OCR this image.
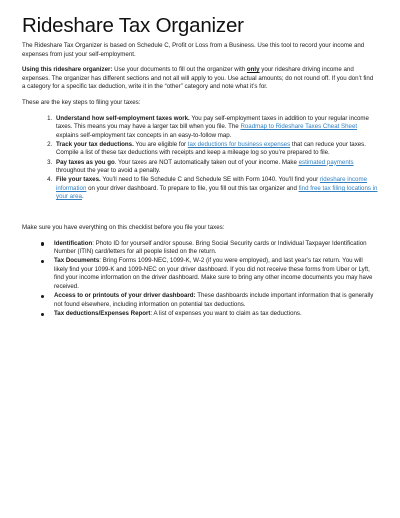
Rideshare Tax Organizer

The Rideshare Tax Organizer is based on Schedule C, Profit or Loss from a Business. Use this tool to record your income and expenses from just your self-employment.

Using this rideshare organizer: Use your documents to fill out the organizer with only your rideshare driving income and expenses. The organizer has different sections and not all will apply to you. Use actual amounts; do not round off. If you don’t find a category for a specific tax deduction, write it in the “other” category and note what it’s for.

These are the key steps to filing your taxes:

1. Understand how self-employment taxes work. You pay self-employment taxes in addition to your regular income taxes. This means you may have a larger tax bill when you file. The Roadmap to Rideshare Taxes Cheat Sheet explains self-employment tax concepts in an easy-to-follow map.
2. Track your tax deductions. You are eligible for tax deductions for business expenses that can reduce your taxes. Compile a list of these tax deductions with receipts and keep a mileage log so you’re prepared to file.
3. Pay taxes as you go. Your taxes are NOT automatically taken out of your income. Make estimated payments throughout the year to avoid a penalty.
4. File your taxes. You’ll need to file Schedule C and Schedule SE with Form 1040. You’ll find your rideshare income information on your driver dashboard. To prepare to file, you fill out this tax organizer and find free tax filing locations in your area.

Make sure you have everything on this checklist before you file your taxes:

Identification: Photo ID for yourself and/or spouse. Bring Social Security cards or Individual Taxpayer Identification Number (ITIN) card/letters for all people listed on the return.
Tax Documents: Bring Forms 1099-NEC, 1099-K, W-2 (if you were employed), and last year’s tax return. You will likely find your 1099-K and 1099-NEC on your driver dashboard. If you did not receive these forms from Uber or Lyft, find your income information on the driver dashboard. Make sure to bring any other income documents you may have received.
Access to or printouts of your driver dashboard: These dashboards include important information that is generally not found elsewhere, including information on potential tax deductions.
Tax deductions/Expenses Report: A list of expenses you want to claim as tax deductions.
